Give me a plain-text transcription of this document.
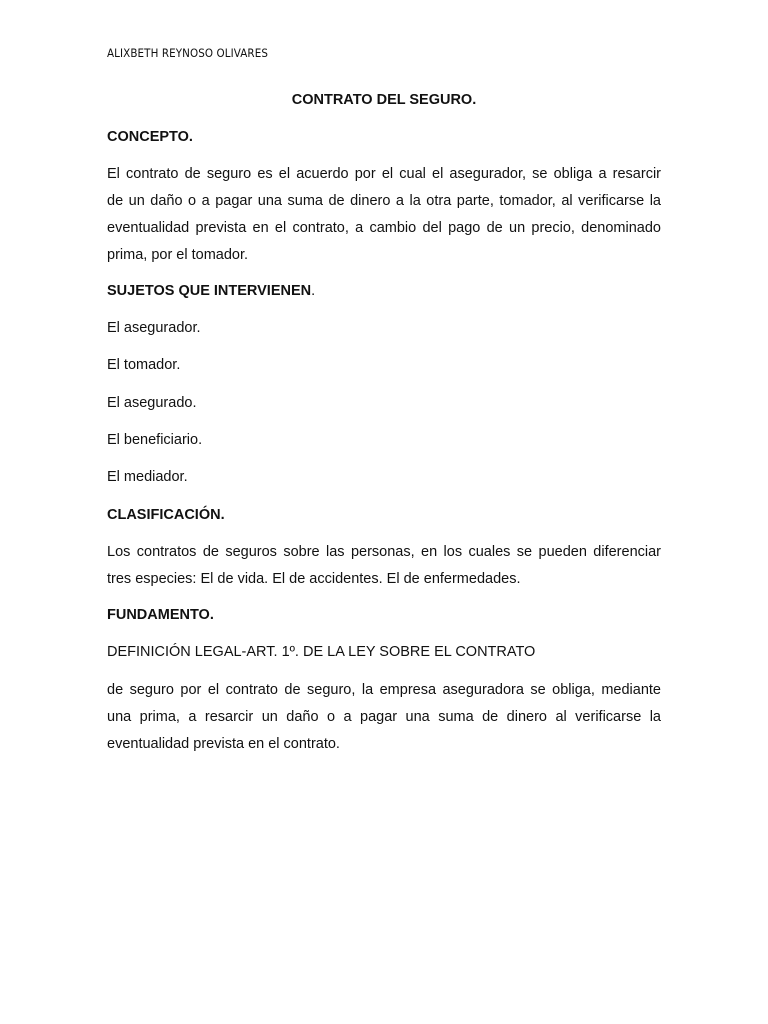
ALIXBETH REYNOSO OLIVARES
CONTRATO DEL SEGURO.
CONCEPTO.
El contrato de seguro es el acuerdo por el cual el asegurador, se obliga a resarcir
de un daño o a pagar una suma de dinero a la otra parte, tomador, al verificarse la
eventualidad prevista en el contrato, a cambio del pago de un precio, denominado
prima, por el tomador.
SUJETOS QUE INTERVIENEN.
El asegurador.
El tomador.
El asegurado.
El beneficiario.
El mediador.
CLASIFICACIÓN.
Los contratos de seguros sobre las personas, en los cuales se pueden diferenciar
tres especies: El de vida. El de accidentes. El de enfermedades.
FUNDAMENTO.
DEFINICIÓN LEGAL-ART. 1º. DE LA LEY SOBRE EL CONTRATO
de seguro por el contrato de seguro, la empresa aseguradora se obliga, mediante
una prima, a resarcir un daño o a pagar una suma de dinero al verificarse la
eventualidad prevista en el contrato.
